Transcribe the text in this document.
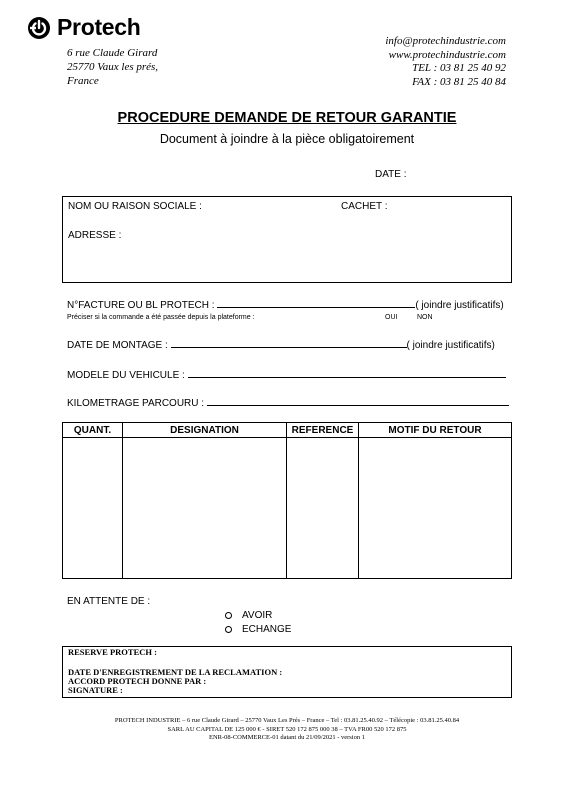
Protech
6 rue Claude Girard
25770 Vaux les prés,
France
info@protechindustrie.com
www.protechindustrie.com
TEL : 03 81 25 40 92
FAX : 03 81 25 40 84
PROCEDURE DEMANDE DE RETOUR GARANTIE
Document à joindre à la pièce obligatoirement
DATE :
NOM OU RAISON SOCIALE :	CACHET :
ADRESSE :
N°FACTURE OU BL PROTECH :	( joindre justificatifs)
Préciser si la commande a été passée depuis la plateforme :	OUI	NON
DATE DE MONTAGE :	( joindre justificatifs)
MODELE DU VEHICULE :
KILOMETRAGE PARCOURU :
QUANT.	DESIGNATION	REFERENCE	MOTIF DU RETOUR

EN ATTENTE DE :
AVOIR
ECHANGE
RESERVE PROTECH :
DATE D'ENREGISTREMENT DE LA RECLAMATION :
ACCORD PROTECH DONNE PAR :
SIGNATURE :
PROTECH INDUSTRIE – 6 rue Claude Girard – 25770 Vaux Les Prés – France – Tel : 03.81.25.40.92 – Télécopie : 03.81.25.40.84
SARL AU CAPITAL DE 125 000 € - SIRET 520 172 875 000 38 – TVA FR00 520 172 875
ENR-08-COMMERCE-01 datant du 21/09/2021 - version 1
